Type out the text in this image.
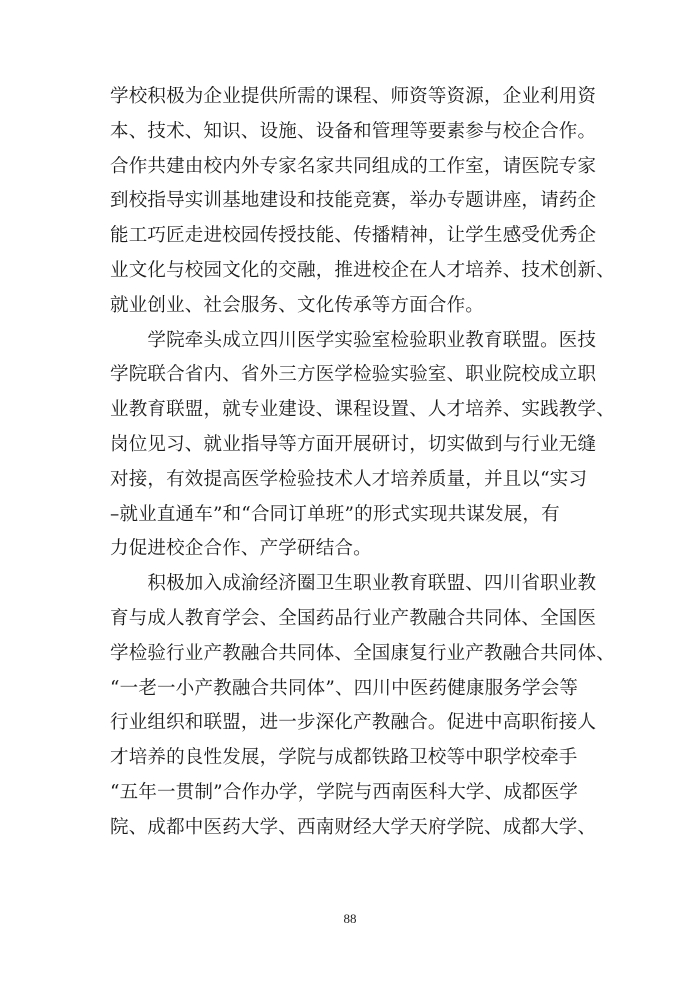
学校积极为企业提供所需的课程、师资等资源，企业利用资
本、技术、知识、设施、设备和管理等要素参与校企合作。
合作共建由校内外专家名家共同组成的工作室，请医院专家
到校指导实训基地建设和技能竞赛，举办专题讲座，请药企
能工巧匠走进校园传授技能、传播精神，让学生感受优秀企
业文化与校园文化的交融，推进校企在人才培养、技术创新、
就业创业、社会服务、文化传承等方面合作。
　　学院牵头成立四川医学实验室检验职业教育联盟。医技
学院联合省内、省外三方医学检验实验室、职业院校成立职
业教育联盟，就专业建设、课程设置、人才培养、实践教学、
岗位见习、就业指导等方面开展研讨，切实做到与行业无缝
对接，有效提高医学检验技术人才培养质量，并且以“实习
–就业直通车”和“合同订单班”的形式实现共谋发展，有
力促进校企合作、产学研结合。
　　积极加入成渝经济圈卫生职业教育联盟、四川省职业教
育与成人教育学会、全国药品行业产教融合共同体、全国医
学检验行业产教融合共同体、全国康复行业产教融合共同体、
“一老一小产教融合共同体”、四川中医药健康服务学会等
行业组织和联盟，进一步深化产教融合。促进中高职衔接人
才培养的良性发展，学院与成都铁路卫校等中职学校牵手
“五年一贯制”合作办学，学院与西南医科大学、成都医学
院、成都中医药大学、西南财经大学天府学院、成都大学、
88
